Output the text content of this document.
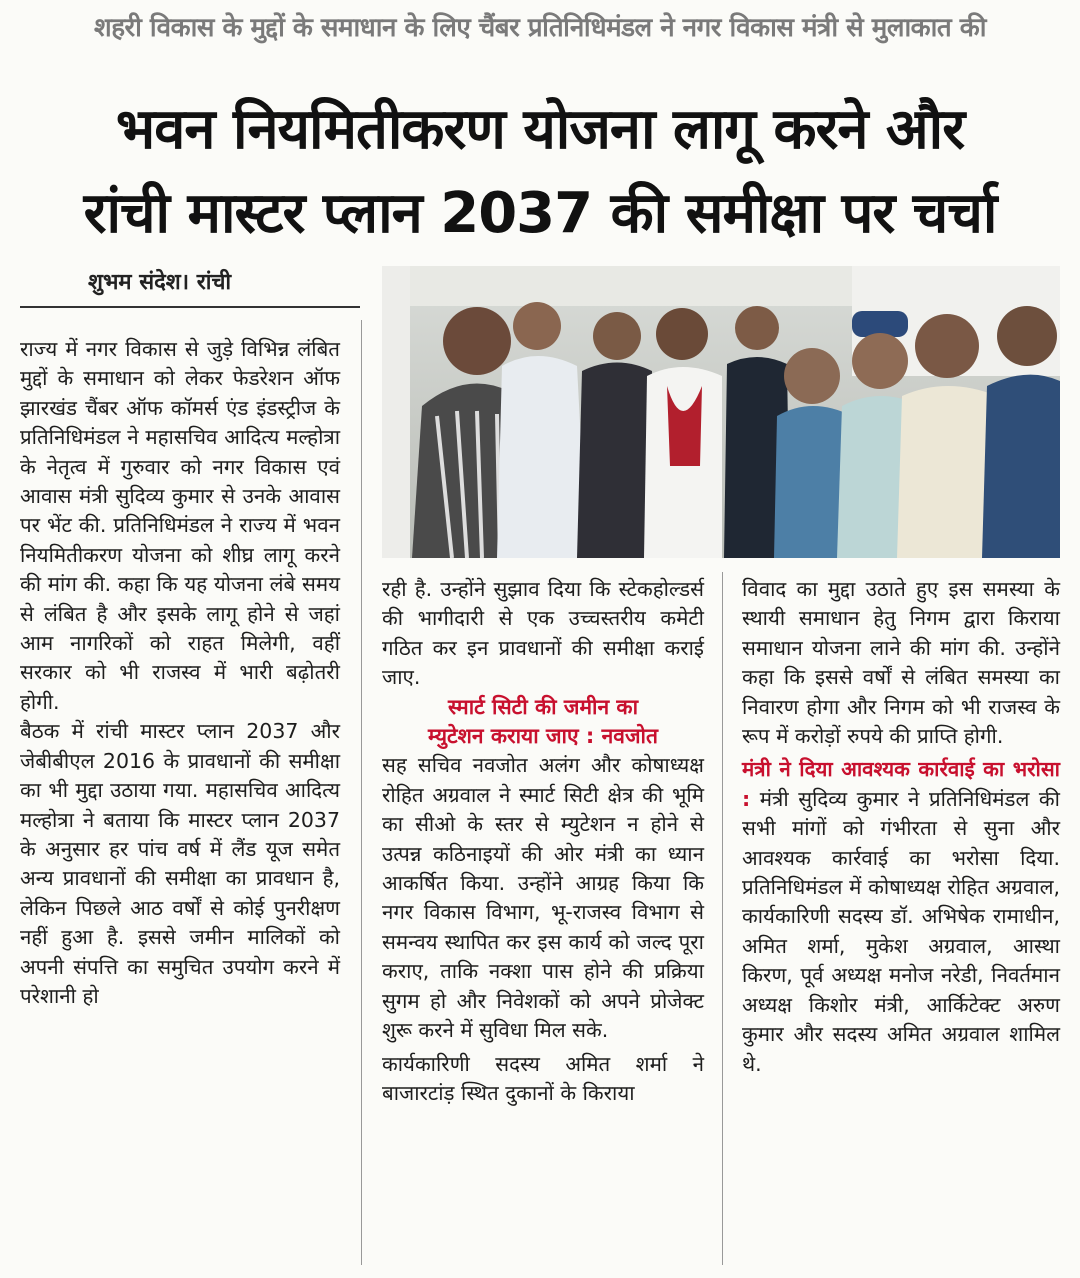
शहरी विकास के मुद्दों के समाधान के लिए चैंबर प्रतिनिधिमंडल ने नगर विकास मंत्री से मुलाकात की
भवन नियमितीकरण योजना लागू करने और
रांची मास्टर प्लान 2037 की समीक्षा पर चर्चा
शुभम संदेश। रांची

राज्य में नगर विकास से जुड़े विभिन्न लंबित मुद्दों के समाधान को लेकर फेडरेशन ऑफ झारखंड चैंबर ऑफ कॉमर्स एंड इंडस्ट्रीज के प्रतिनिधिमंडल ने महासचिव आदित्य मल्होत्रा के नेतृत्व में गुरुवार को नगर विकास एवं आवास मंत्री सुदिव्य कुमार से उनके आवास पर भेंट की. प्रतिनिधिमंडल ने राज्य में भवन नियमितीकरण योजना को शीघ्र लागू करने की मांग की. कहा कि यह योजना लंबे समय से लंबित है और इसके लागू होने से जहां आम नागरिकों को राहत मिलेगी, वहीं सरकार को भी राजस्व में भारी बढ़ोतरी होगी.

बैठक में रांची मास्टर प्लान 2037 और जेबीबीएल 2016 के प्रावधानों की समीक्षा का भी मुद्दा उठाया गया. महासचिव आदित्य मल्होत्रा ने बताया कि मास्टर प्लान 2037 के अनुसार हर पांच वर्ष में लैंड यूज समेत अन्य प्रावधानों की समीक्षा का प्रावधान है, लेकिन पिछले आठ वर्षों से कोई पुनरीक्षण नहीं हुआ है. इससे जमीन मालिकों को अपनी संपत्ति का समुचित उपयोग करने में परेशानी हो

रही है. उन्होंने सुझाव दिया कि स्टेकहोल्डर्स की भागीदारी से एक उच्चस्तरीय कमेटी गठित कर इन प्रावधानों की समीक्षा कराई जाए.

स्मार्ट सिटी की जमीन का
म्युटेशन कराया जाए : नवजोत

सह सचिव नवजोत अलंग और कोषाध्यक्ष रोहित अग्रवाल ने स्मार्ट सिटी क्षेत्र की भूमि का सीओ के स्तर से म्युटेशन न होने से उत्पन्न कठिनाइयों की ओर मंत्री का ध्यान आकर्षित किया. उन्होंने आग्रह किया कि नगर विकास विभाग, भू-राजस्व विभाग से समन्वय स्थापित कर इस कार्य को जल्द पूरा कराए, ताकि नक्शा पास होने की प्रक्रिया सुगम हो और निवेशकों को अपने प्रोजेक्ट शुरू करने में सुविधा मिल सके.

कार्यकारिणी सदस्य अमित शर्मा ने बाजारटांड़ स्थित दुकानों के किराया

विवाद का मुद्दा उठाते हुए इस समस्या के स्थायी समाधान हेतु निगम द्वारा किराया समाधान योजना लाने की मांग की. उन्होंने कहा कि इससे वर्षों से लंबित समस्या का निवारण होगा और निगम को भी राजस्व के रूप में करोड़ों रुपये की प्राप्ति होगी.

मंत्री ने दिया आवश्यक कार्रवाई का भरोसा : मंत्री सुदिव्य कुमार ने प्रतिनिधिमंडल की सभी मांगों को गंभीरता से सुना और आवश्यक कार्रवाई का भरोसा दिया. प्रतिनिधिमंडल में कोषाध्यक्ष रोहित अग्रवाल, कार्यकारिणी सदस्य डॉ. अभिषेक रामाधीन, अमित शर्मा, मुकेश अग्रवाल, आस्था किरण, पूर्व अध्यक्ष मनोज नरेडी, निवर्तमान अध्यक्ष किशोर मंत्री, आर्किटेक्ट अरुण कुमार और सदस्य अमित अग्रवाल शामिल थे.
